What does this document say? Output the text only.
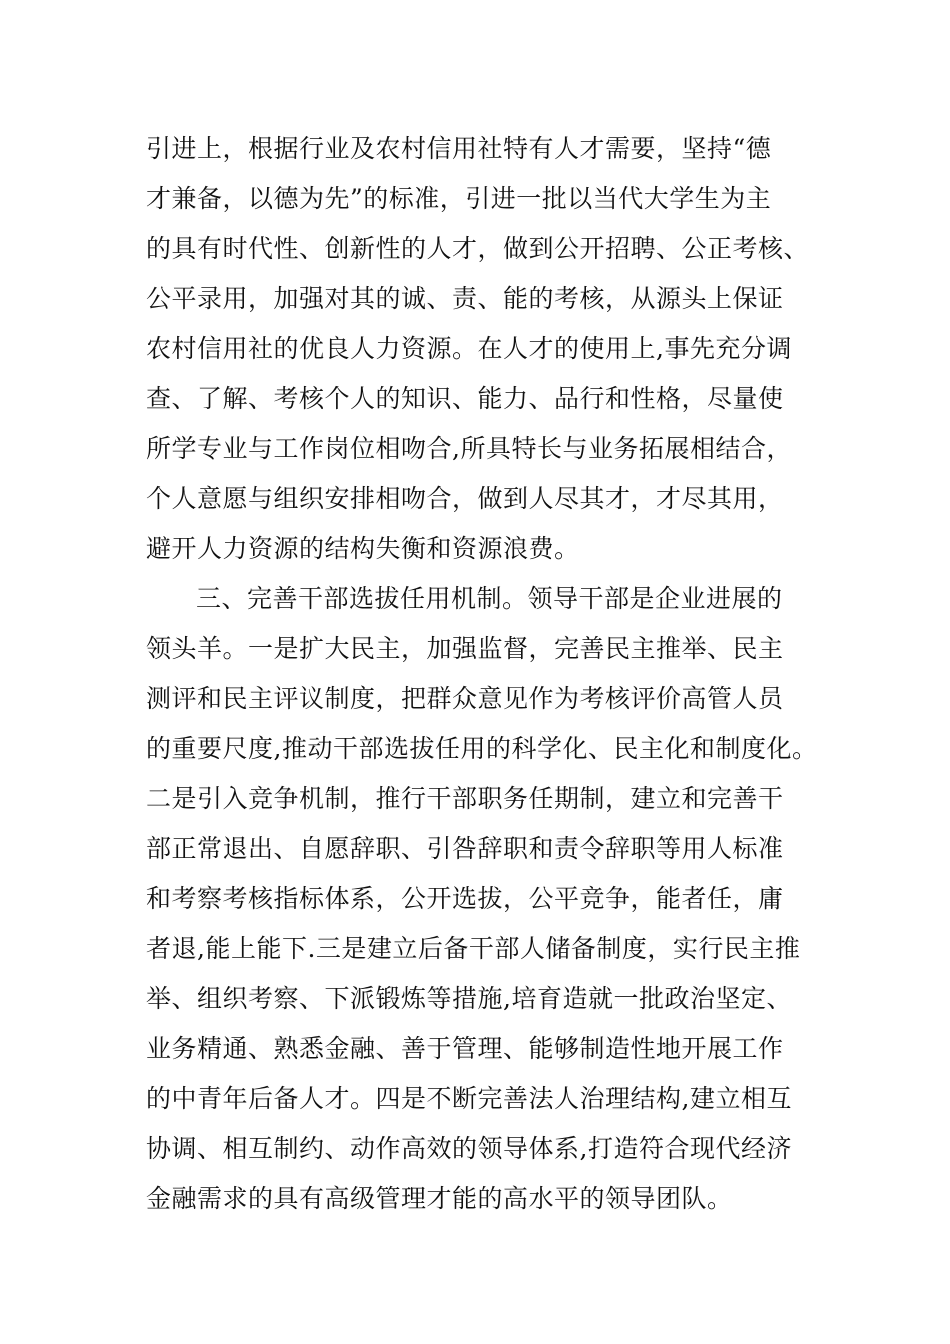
引进上，根据行业及农村信用社特有人才需要，坚持“德
才兼备，以德为先”的标准，引进一批以当代大学生为主
的具有时代性、创新性的人才，做到公开招聘、公正考核、
公平录用，加强对其的诚、责、能的考核，从源头上保证
农村信用社的优良人力资源。在人才的使用上,事先充分调
查、了解、考核个人的知识、能力、品行和性格，尽量使
所学专业与工作岗位相吻合,所具特长与业务拓展相结合，
个人意愿与组织安排相吻合，做到人尽其才，才尽其用，
避开人力资源的结构失衡和资源浪费。
三、完善干部选拔任用机制。领导干部是企业进展的
领头羊。一是扩大民主，加强监督，完善民主推举、民主
测评和民主评议制度，把群众意见作为考核评价高管人员
的重要尺度,推动干部选拔任用的科学化、民主化和制度化。
二是引入竞争机制，推行干部职务任期制，建立和完善干
部正常退出、自愿辞职、引咎辞职和责令辞职等用人标准
和考察考核指标体系，公开选拔，公平竞争，能者任，庸
者退,能上能下.三是建立后备干部人储备制度，实行民主推
举、组织考察、下派锻炼等措施,培育造就一批政治坚定、
业务精通、熟悉金融、善于管理、能够制造性地开展工作
的中青年后备人才。四是不断完善法人治理结构,建立相互
协调、相互制约、动作高效的领导体系,打造符合现代经济
金融需求的具有高级管理才能的高水平的领导团队。
